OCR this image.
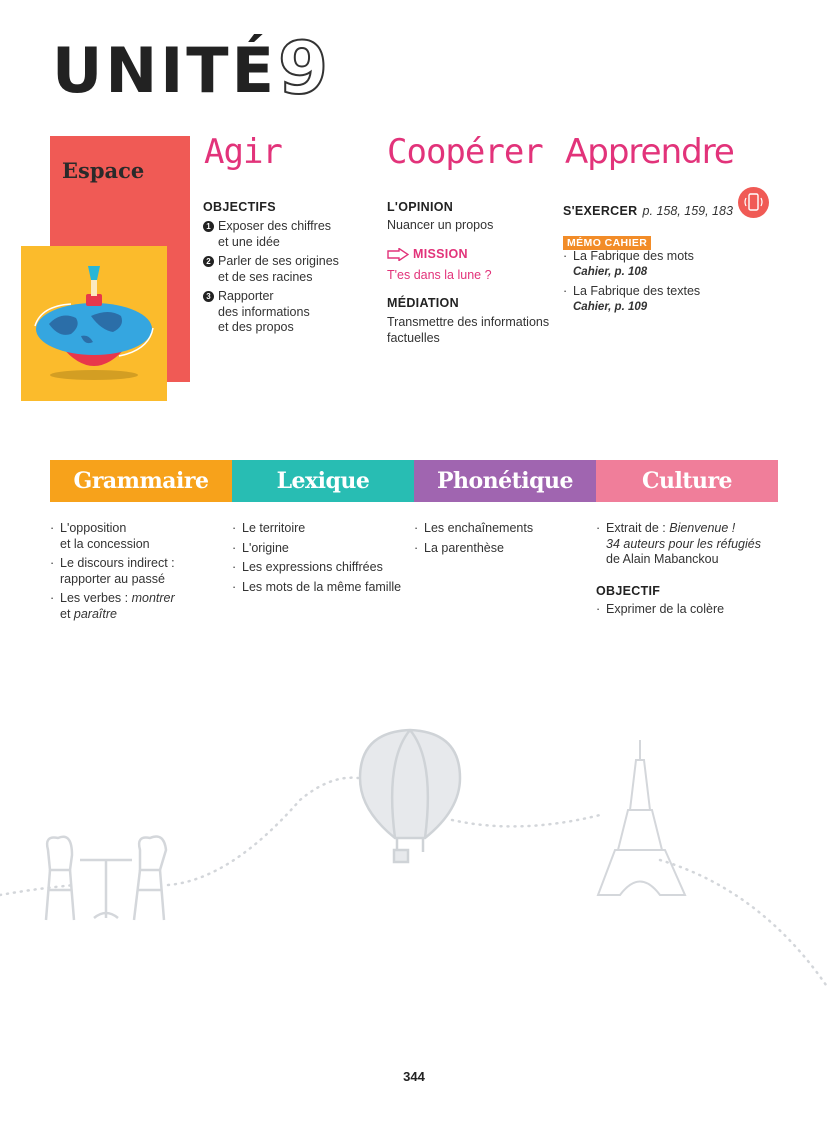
UNITÉ 9
Espace Agir
OBJECTIFS
1 Exposer des chiffres
et une idée
2 Parler de ses origines
et de ses racines
3 Rapporter
des informations
et des propos
Coopérer
L'OPINION
Nuancer un propos
MISSION
T'es dans la lune ?
MÉDIATION
Transmettre des informations
factuelles
Apprendre
S'EXERCER p. 158, 159, 183
MÉMO CAHIER
· La Fabrique des mots
Cahier, p. 108
· La Fabrique des textes
Cahier, p. 109
Grammaire	Lexique	Phonétique	Culture
· L'opposition
et la concession
· Le discours indirect :
rapporter au passé
· Les verbes : montrer
et paraître
· Le territoire
· L'origine
· Les expressions chiffrées
· Les mots de la même famille
· Les enchaînements
· La parenthèse
· Extrait de : Bienvenue !
34 auteurs pour les réfugiés
de Alain Mabanckou
OBJECTIF
· Exprimer de la colère
344
